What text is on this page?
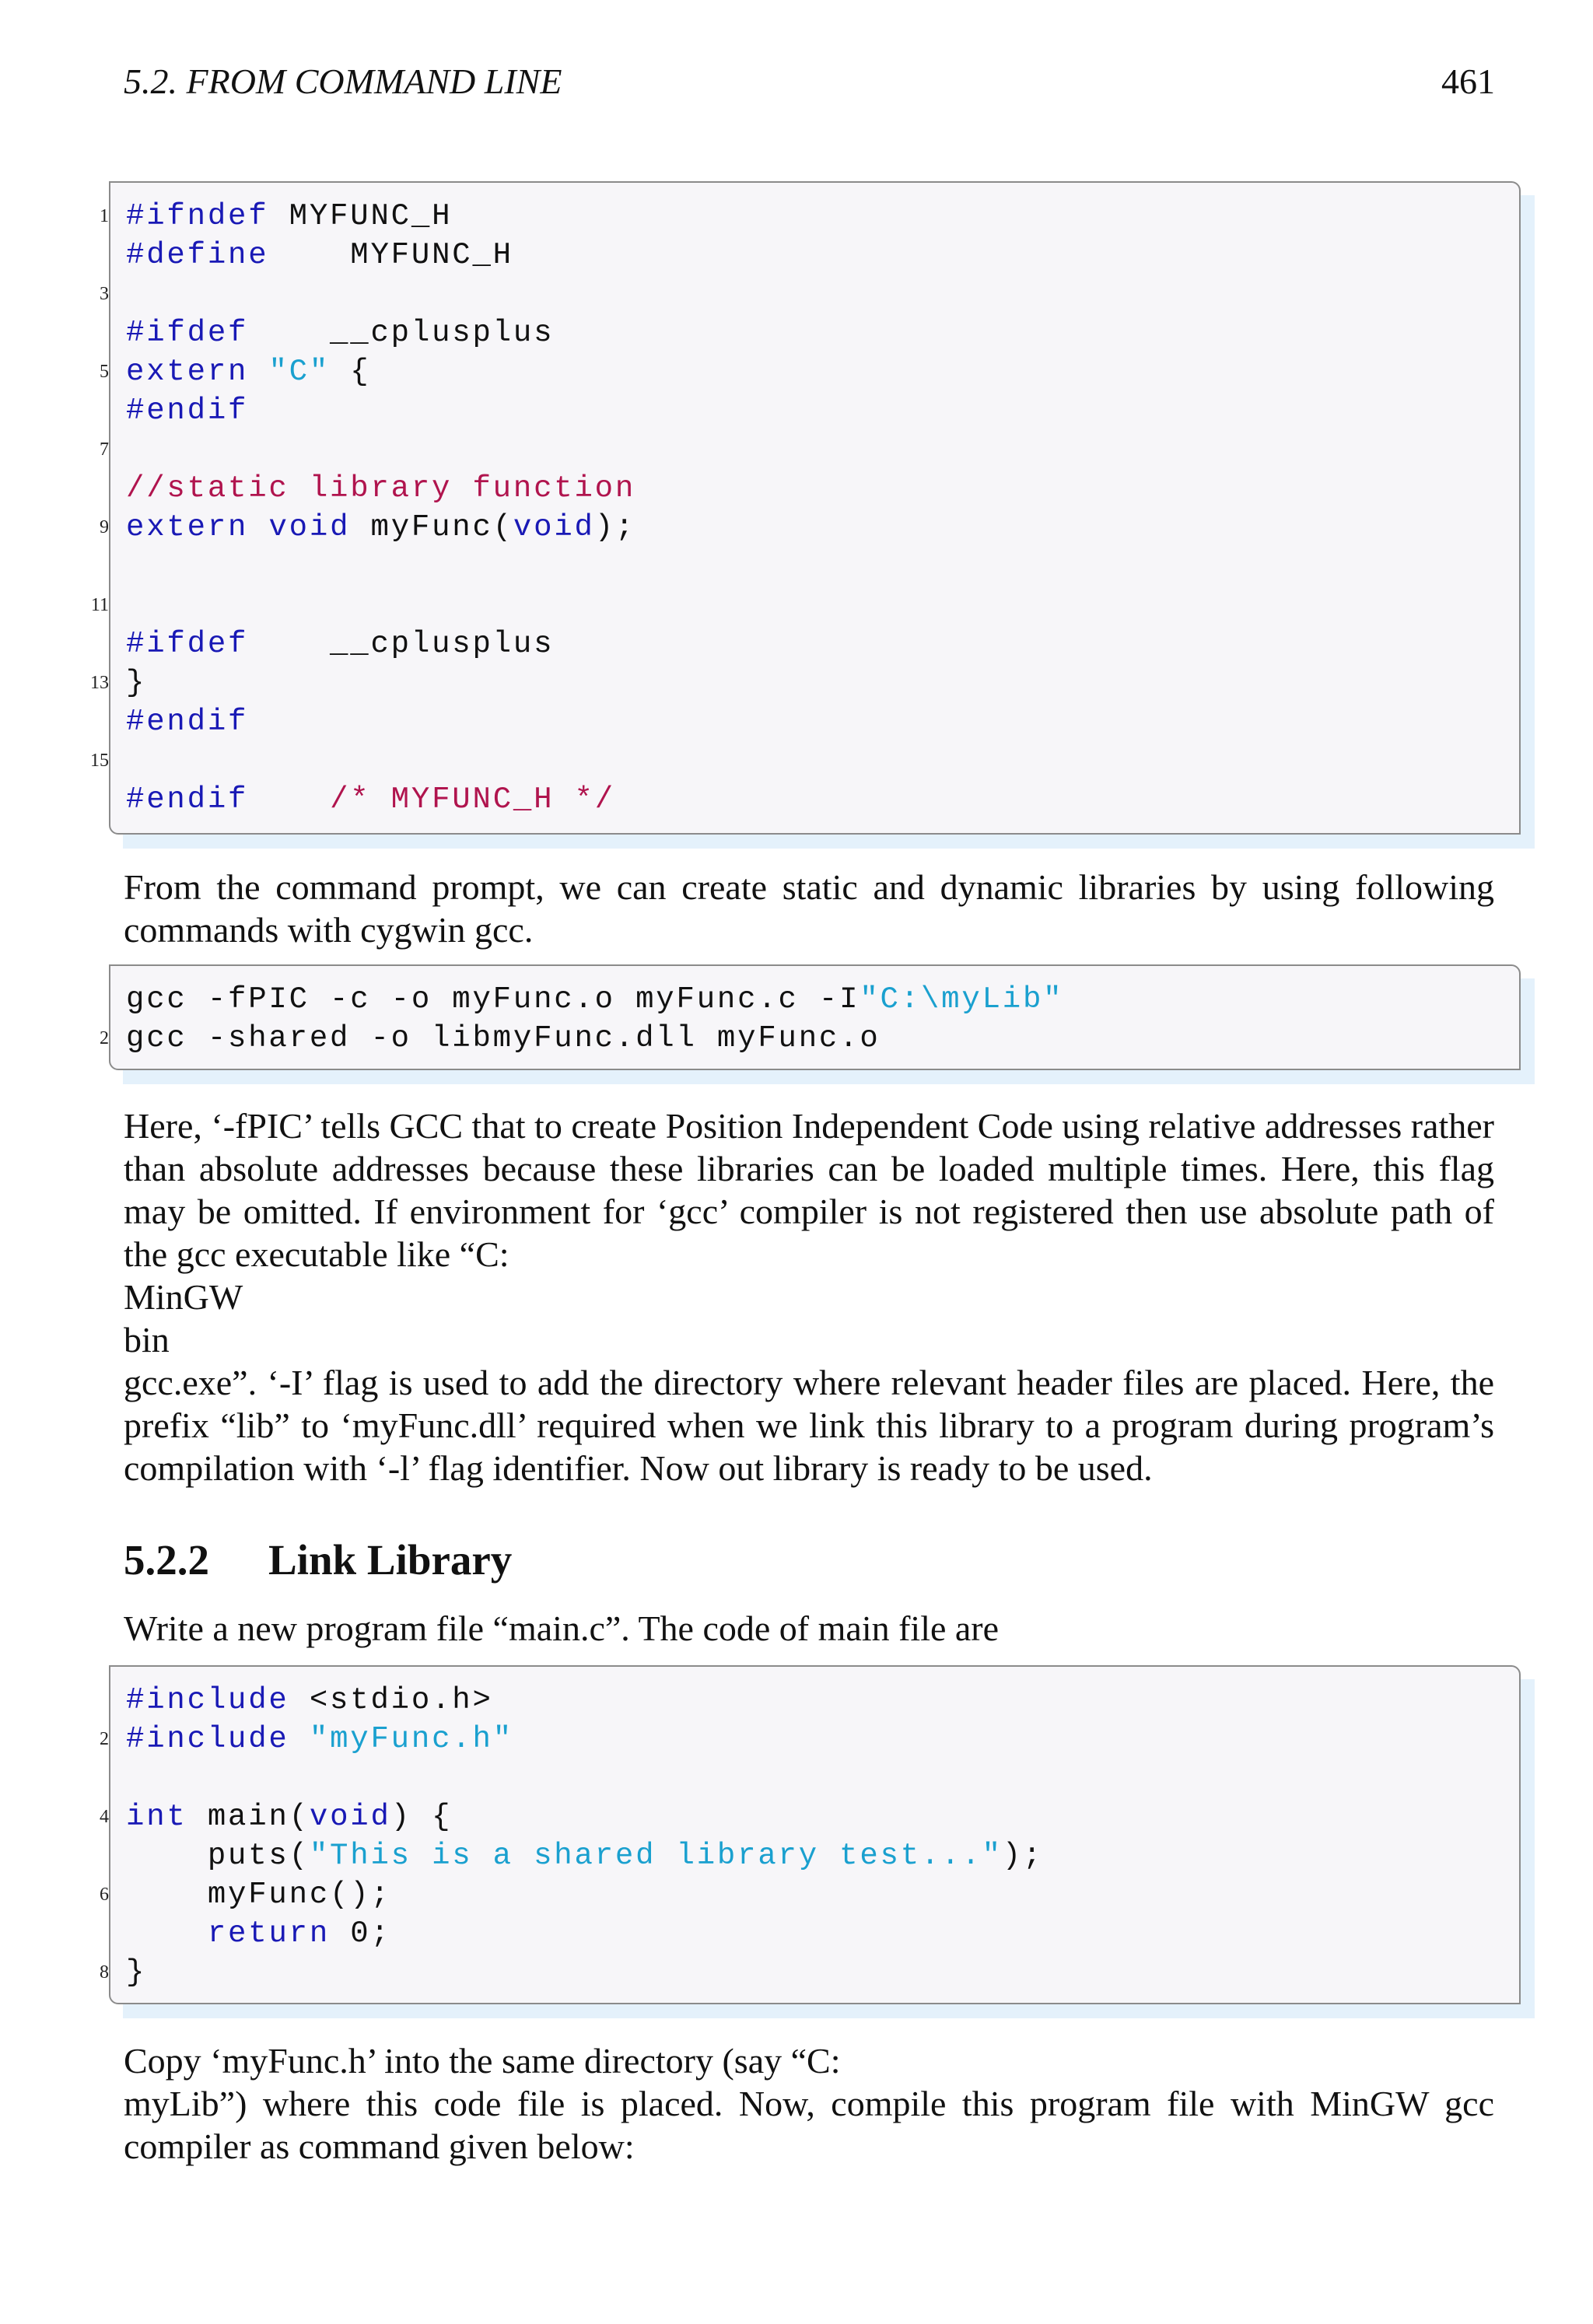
5.2. FROM COMMAND LINE	461
1 #ifndef MYFUNC_H
#define    MYFUNC_H
3
#ifdef    __cplusplus
5 extern "C" {
#endif
7
//static library function
9 extern void myFunc(void);
11
#ifdef    __cplusplus
13 }
#endif
15
#endif	/* MYFUNC_H */

From the command prompt, we can create static and dynamic libraries by using following commands with cygwin gcc.

gcc -fPIC -c -o myFunc.o myFunc.c -I"C:\myLib"
2 gcc -shared -o libmyFunc.dll myFunc.o

Here, ‘-fPIC’ tells GCC that to create Position Independent Code using relative addresses rather than absolute addresses because these libraries can be loaded multiple times. Here, this flag may be omitted. If environment for ‘gcc’ compiler is not registered then use absolute path of the gcc executable like “C:

MinGW

bin

gcc.exe”. ‘-I’ flag is used to add the directory where relevant header files are placed. Here, the prefix “lib” to ‘myFunc.dll’ required when we link this library to a program during program’s compilation with ‘-l’ flag identifier. Now out library is ready to be used.

5.2.2 Link Library

Write a new program file “main.c”. The code of main file are

#include <stdio.h>
2 #include "myFunc.h"
4 int main(void) {
puts("This is a shared library test...");
6 myFunc();
return 0;
8 }

Copy ‘myFunc.h’ into the same directory (say “C:

myLib”) where this code file is placed. Now, compile this program file with MinGW gcc compiler as command given below:
